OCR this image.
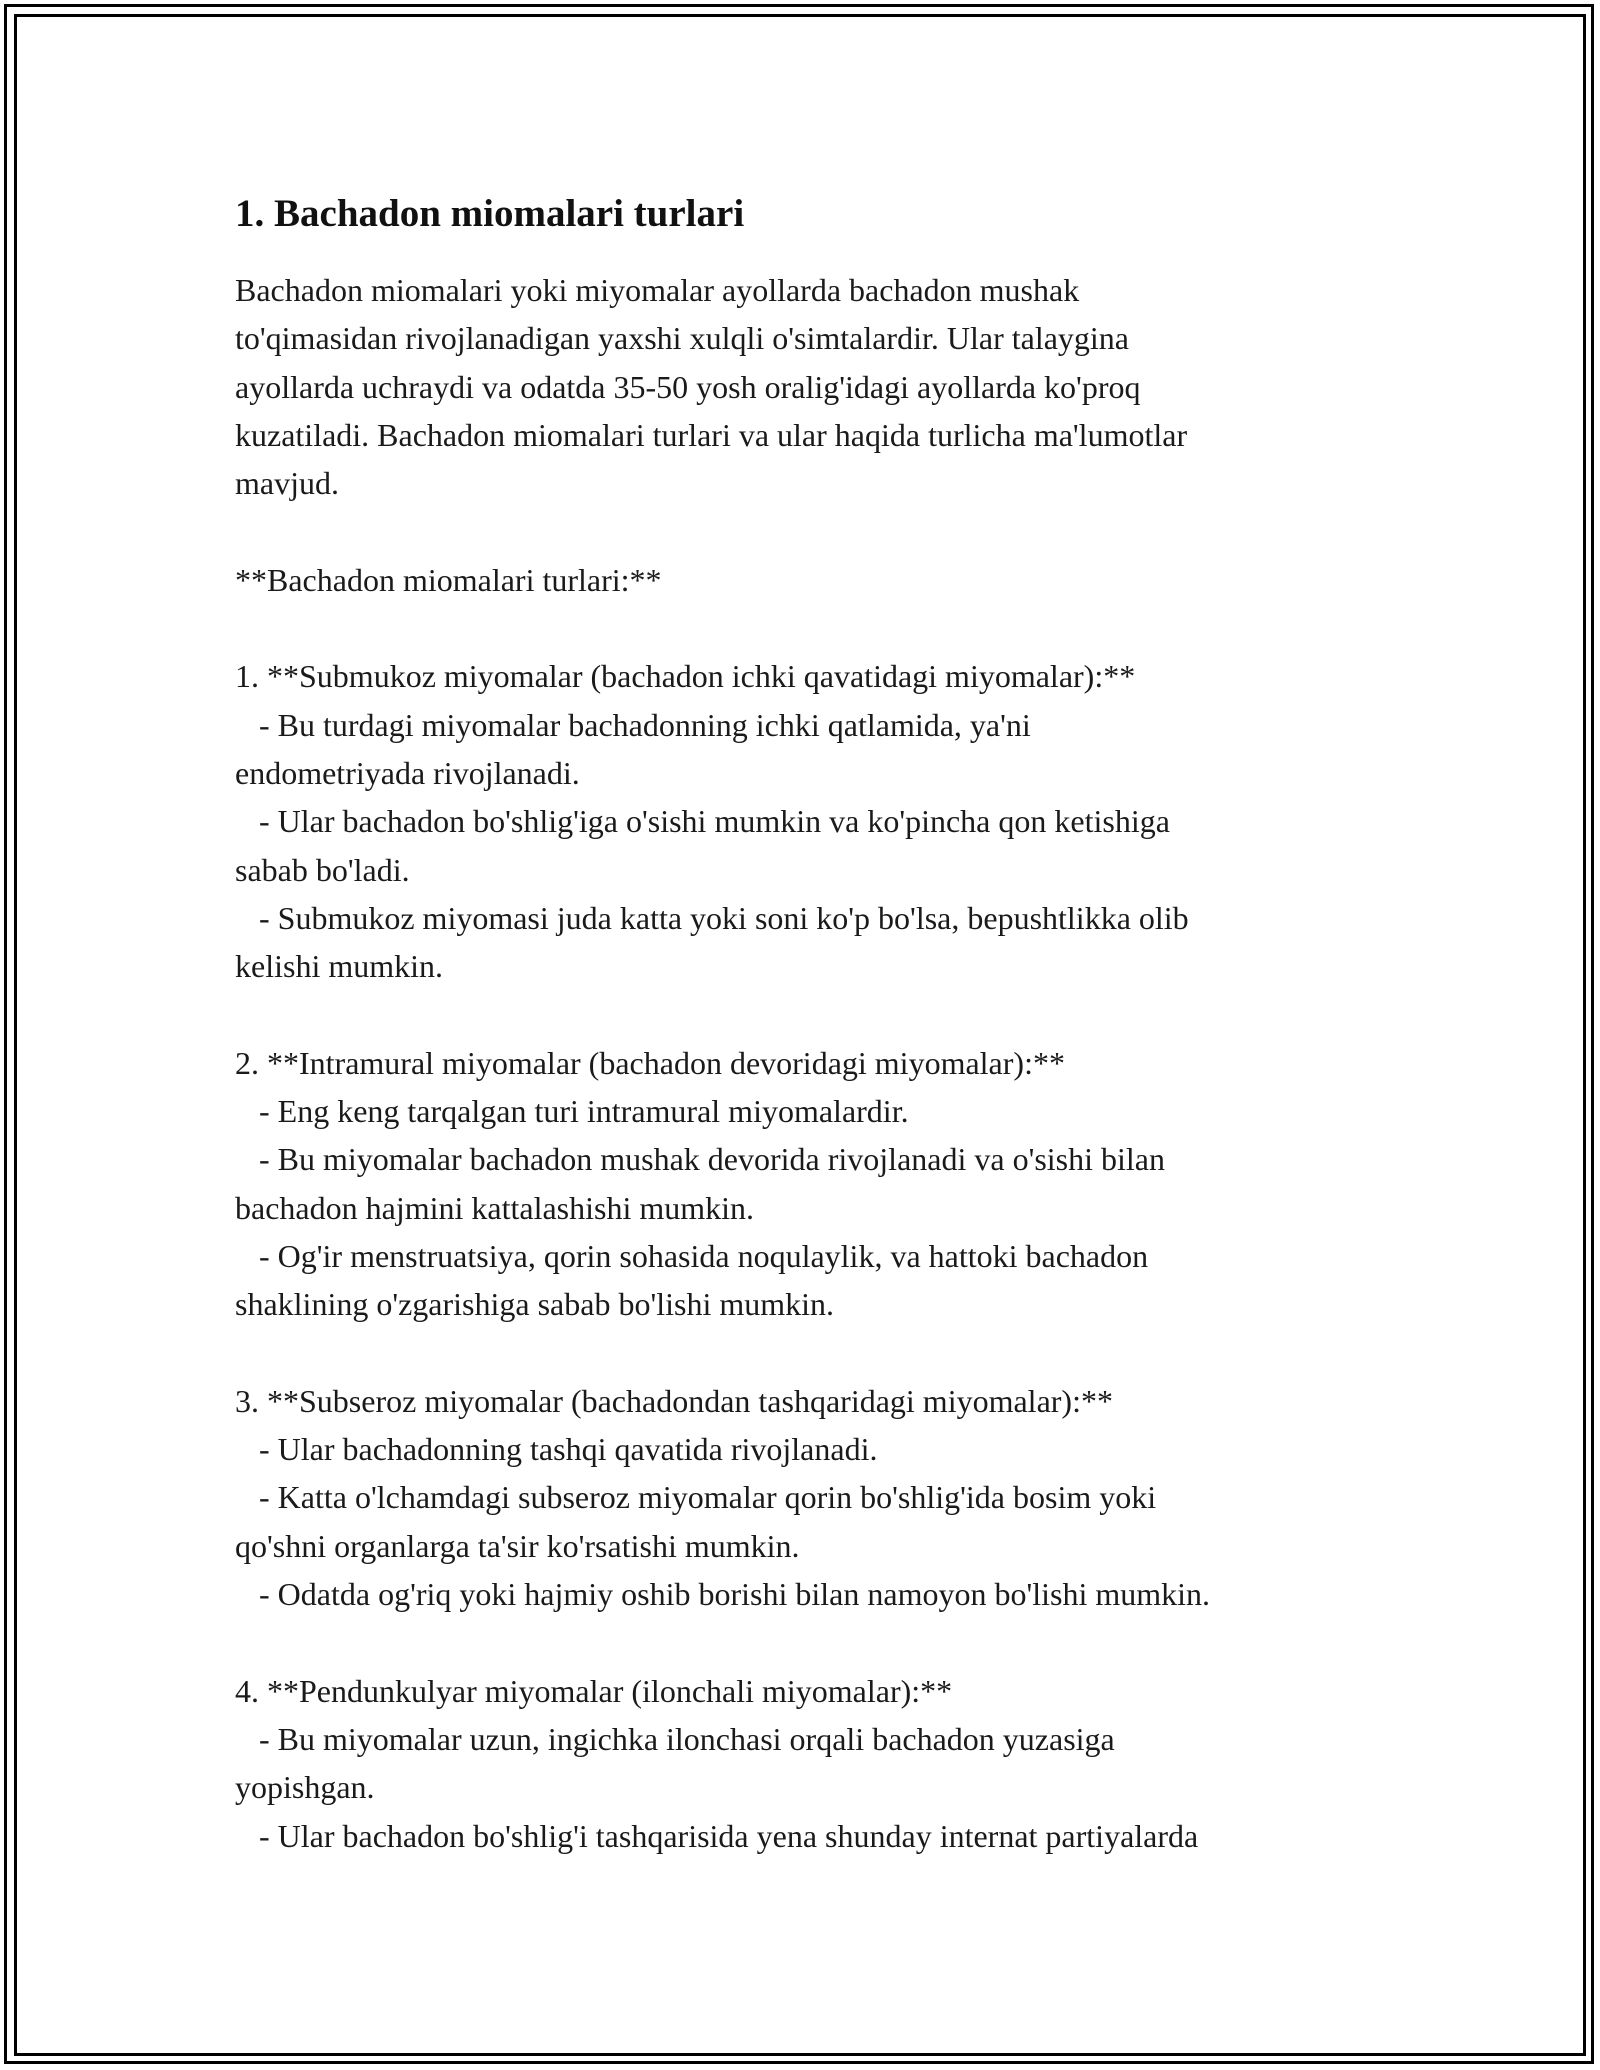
1. Bachadon miomalari turlari
Bachadon miomalari yoki miyomalar ayollarda bachadon mushak
to'qimasidan rivojlanadigan yaxshi xulqli o'simtalardir. Ular talaygina
ayollarda uchraydi va odatda 35-50 yosh oralig'idagi ayollarda ko'proq
kuzatiladi. Bachadon miomalari turlari va ular haqida turlicha ma'lumotlar
mavjud.

**Bachadon miomalari turlari:**

1. **Submukoz miyomalar (bachadon ichki qavatidagi miyomalar):**
- Bu turdagi miyomalar bachadonning ichki qatlamida, ya'ni
endometriyada rivojlanadi.
- Ular bachadon bo'shlig'iga o'sishi mumkin va ko'pincha qon ketishiga
sabab bo'ladi.
- Submukoz miyomasi juda katta yoki soni ko'p bo'lsa, bepushtlikka olib
kelishi mumkin.

2. **Intramural miyomalar (bachadon devoridagi miyomalar):**
- Eng keng tarqalgan turi intramural miyomalardir.
- Bu miyomalar bachadon mushak devorida rivojlanadi va o'sishi bilan
bachadon hajmini kattalashishi mumkin.
- Og'ir menstruatsiya, qorin sohasida noqulaylik, va hattoki bachadon
shaklining o'zgarishiga sabab bo'lishi mumkin.

3. **Subseroz miyomalar (bachadondan tashqaridagi miyomalar):**
- Ular bachadonning tashqi qavatida rivojlanadi.
- Katta o'lchamdagi subseroz miyomalar qorin bo'shlig'ida bosim yoki
qo'shni organlarga ta'sir ko'rsatishi mumkin.
- Odatda og'riq yoki hajmiy oshib borishi bilan namoyon bo'lishi mumkin.

4. **Pendunkulyar miyomalar (ilonchali miyomalar):**
- Bu miyomalar uzun, ingichka ilonchasi orqali bachadon yuzasiga
yopishgan.
- Ular bachadon bo'shlig'i tashqarisida yena shunday internat partiyalarda
